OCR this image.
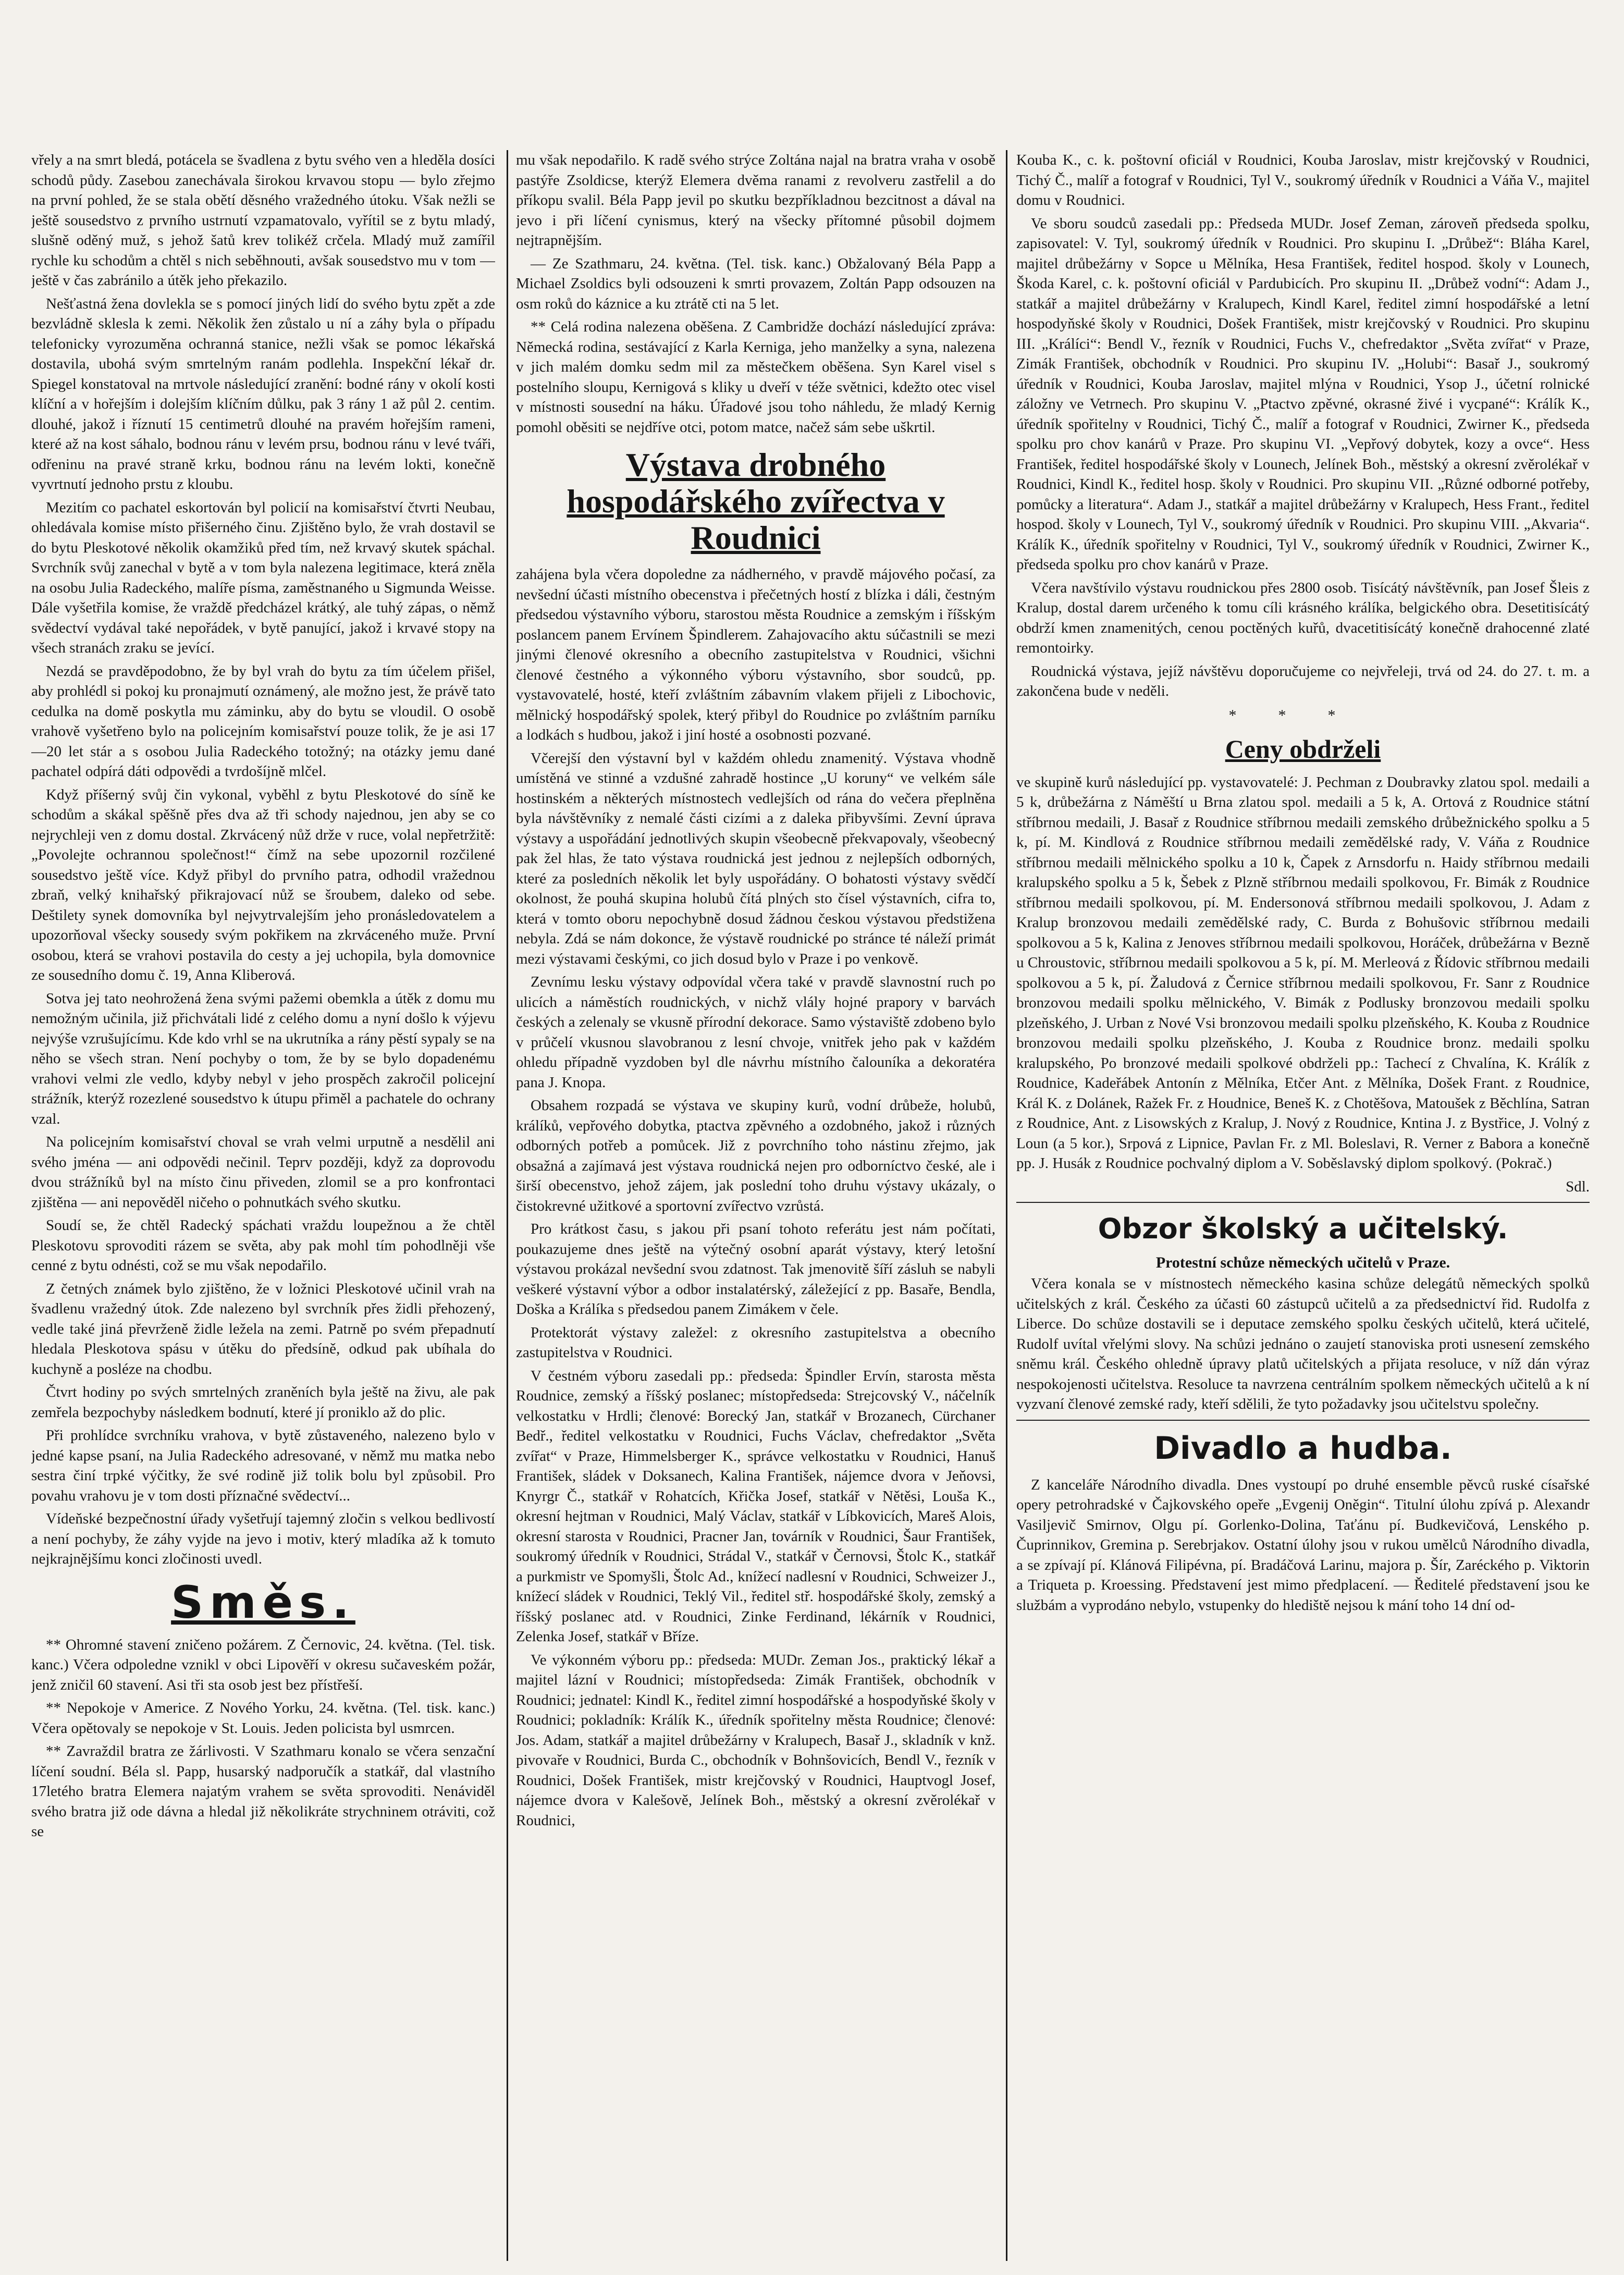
vřely a na smrt bledá, potácela se švadlena z bytu svého ven a hleděla dosíci schodů půdy. Zasebou zanechávala širokou krvavou stopu — bylo zřejmo na první pohled, že se stala obětí děsného vražedného útoku. Však nežli se ještě sousedstvo z prvního ustrnutí vzpamatovalo, vyřítil se z bytu mladý, slušně oděný muž, s jehož šatů krev tolikéž crčela. Mladý muž zamířil rychle ku schodům a chtěl s nich seběhnouti, avšak sousedstvo mu v tom — ještě v čas zabránilo a útěk jeho překazilo.

Nešťastná žena dovlekla se s pomocí jiných lidí do svého bytu zpět a zde bezvládně sklesla k zemi. Několik žen zůstalo u ní a záhy byla o případu telefonicky vyrozuměna ochranná stanice, nežli však se pomoc lékařská dostavila, ubohá svým smrtelným ranám podlehla. Inspekční lékař dr. Spiegel konstatoval na mrtvole následující zranění: bodné rány v okolí kosti klíční a v hořejším i dolejším klíčním důlku, pak 3 rány 1 až půl 2. centim. dlouhé, jakož i říznutí 15 centimetrů dlouhé na pravém hořejším rameni, které až na kost sáhalo, bodnou ránu v levém prsu, bodnou ránu v levé tváři, odřeninu na pravé straně krku, bodnou ránu na levém lokti, konečně vyvrtnutí jednoho prstu z kloubu.

Mezitím co pachatel eskortován byl policií na komisařství čtvrti Neubau, ohledávala komise místo přišerného činu. Zjištěno bylo, že vrah dostavil se do bytu Pleskotové několik okamžiků před tím, než krvavý skutek spáchal. Svrchník svůj zanechal v bytě a v tom byla nalezena legitimace, která zněla na osobu Julia Radeckého, malíře písma, zaměstnaného u Sigmunda Weisse. Dále vyšetřila komise, že vraždě předcházel krátký, ale tuhý zápas, o němž svědectví vydával také nepořádek, v bytě panující, jakož i krvavé stopy na všech stranách zraku se jevící.

Nezdá se pravděpodobno, že by byl vrah do bytu za tím účelem přišel, aby prohlédl si pokoj ku pronajmutí oznámený, ale možno jest, že právě tato cedulka na domě poskytla mu záminku, aby do bytu se vloudil. O osobě vrahově vyšetřeno bylo na policejním komisařství pouze tolik, že je asi 17—20 let stár a s osobou Julia Radeckého totožný; na otázky jemu dané pachatel odpírá dáti odpovědi a tvrdošíjně mlčel.

Když příšerný svůj čin vykonal, vyběhl z bytu Pleskotové do síně ke schodům a skákal spěšně přes dva až tři schody najednou, jen aby se co nejrychleji ven z domu dostal. Zkrvácený nůž drže v ruce, volal nepřetržitě: „Povolejte ochrannou společnost!“ čímž na sebe upozornil rozčilené sousedstvo ještě více. Když přibyl do prvního patra, odhodil vražednou zbraň, velký knihařský přikrajovací nůž se šroubem, daleko od sebe. Deštilety synek domovníka byl nejvytrvalejším jeho pronásledovatelem a upozorňoval všecky sousedy svým pokřikem na zkrváceného muže. První osobou, která se vrahovi postavila do cesty a jej uchopila, byla domovnice ze sousedního domu č. 19, Anna Kliberová.

Sotva jej tato neohrožená žena svými pažemi obemkla a útěk z domu mu nemožným učinila, již přichvátali lidé z celého domu a nyní došlo k výjevu nejvýše vzrušujícímu. Kde kdo vrhl se na ukrutníka a rány pěstí sypaly se na něho se všech stran. Není pochyby o tom, že by se bylo dopadenému vrahovi velmi zle vedlo, kdyby nebyl v jeho prospěch zakročil policejní strážník, kterýž rozezlené sousedstvo k útupu přiměl a pachatele do ochrany vzal.

Na policejním komisařství choval se vrah velmi urputně a nesdělil ani svého jména — ani odpovědi nečinil. Teprv později, když za doprovodu dvou strážníků byl na místo činu přiveden, zlomil se a pro konfrontaci zjištěna — ani nepověděl ničeho o pohnutkách svého skutku.

Soudí se, že chtěl Radecký spáchati vraždu loupežnou a že chtěl Pleskotovu sprovoditi rázem se světa, aby pak mohl tím pohodlněji vše cenné z bytu odnésti, což se mu však nepodařilo.

Z četných známek bylo zjištěno, že v ložnici Pleskotové učinil vrah na švadlenu vražedný útok. Zde nalezeno byl svrchník přes židli přehozený, vedle také jiná převrženě židle ležela na zemi. Patrně po svém přepadnutí hledala Pleskotova spásu v útěku do předsíně, odkud pak ubíhala do kuchyně a posléze na chodbu.

Čtvrt hodiny po svých smrtelných zraněních byla ještě na živu, ale pak zemřela bezpochyby následkem bodnutí, které jí proniklo až do plic.

Při prohlídce svrchníku vrahova, v bytě zůstaveného, nalezeno bylo v jedné kapse psaní, na Julia Radeckého adresované, v němž mu matka nebo sestra činí trpké výčitky, že své rodině již tolik bolu byl způsobil. Pro povahu vrahovu je v tom dosti příznačné svědectví...

Vídeňské bezpečnostní úřady vyšetřují tajemný zločin s velkou bedlivostí a není pochyby, že záhy vyjde na jevo i motiv, který mladíka až k tomuto nejkrajnějšímu konci zločinosti uvedl.

Směs.

** Ohromné stavení zničeno požárem. Z Černovic, 24. května. (Tel. tisk. kanc.) Včera odpoledne vznikl v obci Lipověří v okresu sučaveském požár, jenž zničil 60 stavení. Asi tři sta osob jest bez přístřeší.

** Nepokoje v Americe. Z Nového Yorku, 24. května. (Tel. tisk. kanc.) Včera opětovaly se nepokoje v St. Louis. Jeden policista byl usmrcen.

** Zavraždil bratra ze žárlivosti. V Szathmaru konalo se včera senzační líčení soudní. Béla sl. Papp, husarský nadporučík a statkář, dal vlastního 17letého bratra Elemera najatým vrahem se světa sprovoditi. Nenáviděl svého bratra již ode dávna a hledal již několikráte strychninem otráviti, což se

mu však nepodařilo. K radě svého strýce Zoltána najal na bratra vraha v osobě pastýře Zsoldicse, kterýž Elemera dvěma ranami z revolveru zastřelil a do příkopu svalil. Béla Papp jevil po skutku bezpříkladnou bezcitnost a dával na jevo i při líčení cynismus, který na všecky přítomné působil dojmem nejtrapnějším.

— Ze Szathmaru, 24. května. (Tel. tisk. kanc.) Obžalovaný Béla Papp a Michael Zsoldics byli odsouzeni k smrti provazem, Zoltán Papp odsouzen na osm roků do káznice a ku ztrátě cti na 5 let.

** Celá rodina nalezena oběšena. Z Cambridže dochází následující zpráva: Německá rodina, sestávající z Karla Kerniga, jeho manželky a syna, nalezena v jich malém domku sedm mil za městečkem oběšena. Syn Karel visel s postelního sloupu, Kernigová s kliky u dveří v téže světnici, kdežto otec visel v místnosti sousední na háku. Úřadové jsou toho náhledu, že mladý Kernig pomohl oběsiti se nejdříve otci, potom matce, načež sám sebe uškrtil.

Výstava drobného hospodářského zvířectva v Roudnici

zahájena byla včera dopoledne za nádherného, v pravdě májového počasí, za nevšední účasti místního obecenstva i přečetných hostí z blízka i dáli, čestným předsedou výstavního výboru, starostou města Roudnice a zemským i říšským poslancem panem Ervínem Špindlerem. Zahajovacího aktu súčastnili se mezi jinými členové okresního a obecního zastupitelstva v Roudnici, všichni členové čestného a výkonného výboru výstavního, sbor soudců, pp. vystavovatelé, hosté, kteří zvláštním zábavním vlakem přijeli z Libochovic, mělnický hospodářský spolek, který přibyl do Roudnice po zvláštním parníku a lodkách s hudbou, jakož i jiní hosté a osobnosti pozvané.

Včerejší den výstavní byl v každém ohledu znamenitý. Výstava vhodně umístěná ve stinné a vzdušné zahradě hostince „U koruny“ ve velkém sále hostinském a některých místnostech vedlejších od rána do večera přeplněna byla návštěvníky z nemalé části cizími a z daleka přibyvšími. Zevní úprava výstavy a uspořádání jednotlivých skupin všeobecně překvapovaly, všeobecný pak žel hlas, že tato výstava roudnická jest jednou z nejlepších odborných, které za posledních několik let byly uspořádány. O bohatosti výstavy svědčí okolnost, že pouhá skupina holubů čítá plných sto čísel výstavních, cifra to, která v tomto oboru nepochybně dosud žádnou českou výstavou předstižena nebyla. Zdá se nám dokonce, že výstavě roudnické po stránce té náleží primát mezi výstavami českými, co jich dosud bylo v Praze i po venkově.

Zevnímu lesku výstavy odpovídal včera také v pravdě slavnostní ruch po ulicích a náměstích roudnických, v nichž vlály hojné prapory v barvách českých a zelenaly se vkusně přírodní dekorace. Samo výstaviště zdobeno bylo v průčelí vkusnou slavobranou z lesní chvoje, vnitřek jeho pak v každém ohledu případně vyzdoben byl dle návrhu místního čalouníka a dekoratéra pana J. Knopa.

Obsahem rozpadá se výstava ve skupiny kurů, vodní drůbeže, holubů, králíků, vepřového dobytka, ptactva zpěvného a ozdobného, jakož i různých odborných potřeb a pomůcek. Již z povrchního toho nástinu zřejmo, jak obsažná a zajímavá jest výstava roudnická nejen pro odborníctvo české, ale i širší obecenstvo, jehož zájem, jak poslední toho druhu výstavy ukázaly, o čistokrevné užitkové a sportovní zvířectvo vzrůstá.

Pro krátkost času, s jakou při psaní tohoto referátu jest nám počítati, poukazujeme dnes ještě na výtečný osobní aparát výstavy, který letošní výstavou prokázal nevšední svou zdatnost. Tak jmenovitě šíří zásluh se nabyli veškeré výstavní výbor a odbor instalatérský, záležející z pp. Basaře, Bendla, Doška a Králíka s předsedou panem Zimákem v čele.

Protektorát výstavy zaležel: z okresního zastupitelstva a obecního zastupitelstva v Roudnici.

V čestném výboru zasedali pp.: předseda: Špindler Ervín, starosta města Roudnice, zemský a říšský poslanec; místopředseda: Strejcovský V., náčelník velkostatku v Hrdli; členové: Borecký Jan, statkář v Brozanech, Cürchaner Bedř., ředitel velkostatku v Roudnici, Fuchs Václav, chefredaktor „Světa zvířat“ v Praze, Himmelsberger K., správce velkostatku v Roudnici, Hanuš František, sládek v Doksanech, Kalina František, nájemce dvora v Jeňovsi, Knyrgr Č., statkář v Rohatcích, Křička Josef, statkář v Nětěsi, Louša K., okresní hejtman v Roudnici, Malý Václav, statkář v Líbkovicích, Mareš Alois, okresní starosta v Roudnici, Pracner Jan, továrník v Roudnici, Šaur František, soukromý úředník v Roudnici, Strádal V., statkář v Černovsi, Štolc K., statkář a purkmistr ve Spomyšli, Štolc Ad., knížecí nadlesní v Roudnici, Schweizer J., knížecí sládek v Roudnici, Teklý Vil., ředitel stř. hospodářské školy, zemský a říšský poslanec atd. v Roudnici, Zinke Ferdinand, lékárník v Roudnici, Zelenka Josef, statkář v Bříze.

Ve výkonném výboru pp.: předseda: MUDr. Zeman Jos., praktický lékař a majitel lázní v Roudnici; místopředseda: Zimák František, obchodník v Roudnici; jednatel: Kindl K., ředitel zimní hospodářské a hospodyňské školy v Roudnici; pokladník: Králík K., úředník spořitelny města Roudnice; členové: Jos. Adam, statkář a majitel drůbežárny v Kralupech, Basař J., skladník v knž. pivovaře v Roudnici, Burda C., obchodník v Bohnšovicích, Bendl V., řezník v Roudnici, Došek František, mistr krejčovský v Roudnici, Hauptvogl Josef, nájemce dvora v Kalešově, Jelínek Boh., městský a okresní zvěrolékař v Roudnici,

Kouba K., c. k. poštovní oficiál v Roudnici, Kouba Jaroslav, mistr krejčovský v Roudnici, Tichý Č., malíř a fotograf v Roudnici, Tyl V., soukromý úředník v Roudnici a Váňa V., majitel domu v Roudnici.

Ve sboru soudců zasedali pp.: Předseda MUDr. Josef Zeman, zároveň předseda spolku, zapisovatel: V. Tyl, soukromý úředník v Roudnici. Pro skupinu I. „Drůbež“: Bláha Karel, majitel drůbežárny v Sopce u Mělníka, Hesa František, ředitel hospod. školy v Lounech, Škoda Karel, c. k. poštovní oficiál v Pardubicích. Pro skupinu II. „Drůbež vodní“: Adam J., statkář a majitel drůbežárny v Kralupech, Kindl Karel, ředitel zimní hospodářské a letní hospodyňské školy v Roudnici, Došek František, mistr krejčovský v Roudnici. Pro skupinu III. „Králíci“: Bendl V., řezník v Roudnici, Fuchs V., chefredaktor „Světa zvířat“ v Praze, Zimák František, obchodník v Roudnici. Pro skupinu IV. „Holubi“: Basař J., soukromý úředník v Roudnici, Kouba Jaroslav, majitel mlýna v Roudnici, Ysop J., účetní rolnické záložny ve Vetrnech. Pro skupinu V. „Ptactvo zpěvné, okrasné živé i vycpané“: Králík K., úředník spořitelny v Roudnici, Tichý Č., malíř a fotograf v Roudnici, Zwirner K., předseda spolku pro chov kanárů v Praze. Pro skupinu VI. „Vepřový dobytek, kozy a ovce“. Hess František, ředitel hospodářské školy v Lounech, Jelínek Boh., městský a okresní zvěrolékař v Roudnici, Kindl K., ředitel hosp. školy v Roudnici. Pro skupinu VII. „Různé odborné potřeby, pomůcky a literatura“. Adam J., statkář a majitel drůbežárny v Kralupech, Hess Frant., ředitel hospod. školy v Lounech, Tyl V., soukromý úředník v Roudnici. Pro skupinu VIII. „Akvaria“. Králík K., úředník spořitelny v Roudnici, Tyl V., soukromý úředník v Roudnici, Zwirner K., předseda spolku pro chov kanárů v Praze.

Včera navštívilo výstavu roudnickou přes 2800 osob. Tisícátý návštěvník, pan Josef Šleis z Kralup, dostal darem určeného k tomu cíli krásného králíka, belgického obra. Desetitisícátý obdrží kmen znamenitých, cenou poctěných kuřů, dvacetitisícátý konečně drahocenné zlaté remontoirky.

Roudnická výstava, jejíž návštěvu doporučujeme co nejvřeleji, trvá od 24. do 27. t. m. a zakončena bude v neděli.

***
Ceny obdrželi

ve skupině kurů následující pp. vystavovatelé: J. Pechman z Doubravky zlatou spol. medaili a 5 k, drůbežárna z Náměští u Brna zlatou spol. medaili a 5 k, A. Ortová z Roudnice státní stříbrnou medaili, J. Basař z Roudnice stříbrnou medaili zemského drůbežnického spolku a 5 k, pí. M. Kindlová z Roudnice stříbrnou medaili zemědělské rady, V. Váňa z Roudnice stříbrnou medaili mělnického spolku a 10 k, Čapek z Arnsdorfu n. Haidy stříbrnou medaili kralupského spolku a 5 k, Šebek z Plzně stříbrnou medaili spolkovou, Fr. Bimák z Roudnice stříbrnou medaili spolkovou, pí. M. Endersonová stříbrnou medaili spolkovou, J. Adam z Kralup bronzovou medaili zemědělské rady, C. Burda z Bohušovic stříbrnou medaili spolkovou a 5 k, Kalina z Jenoves stříbrnou medaili spolkovou, Horáček, drůbežárna v Bezně u Chroustovic, stříbrnou medaili spolkovou a 5 k, pí. M. Merleová z Řídovic stříbrnou medaili spolkovou a 5 k, pí. Žaludová z Černice stříbrnou medaili spolkovou, Fr. Sanr z Roudnice bronzovou medaili spolku mělnického, V. Bimák z Podlusky bronzovou medaili spolku plzeňského, J. Urban z Nové Vsi bronzovou medaili spolku plzeňského, K. Kouba z Roudnice bronzovou medaili spolku plzeňského, J. Kouba z Roudnice bronz. medaili spolku kralupského, Po bronzové medaili spolkové obdrželi pp.: Tachecí z Chvalína, K. Králík z Roudnice, Kadeřábek Antonín z Mělníka, Etčer Ant. z Mělníka, Došek Frant. z Roudnice, Král K. z Dolánek, Ražek Fr. z Houdnice, Beneš K. z Chotěšova, Matoušek z Běchlína, Satran z Roudnice, Ant. z Lisowských z Kralup, J. Nový z Roudnice, Kntina J. z Bystřice, J. Volný z Loun (a 5 kor.), Srpová z Lipnice, Pavlan Fr. z Ml. Boleslavi, R. Verner z Babora a konečně pp. J. Husák z Roudnice pochvalný diplom a V. Soběslavský diplom spolkový. (Pokrač.)

Sdl.

Obzor školský a učitelský.
Protestní schůze německých učitelů v Praze.

Včera konala se v místnostech německého kasina schůze delegátů německých spolků učitelských z král. Českého za účasti 60 zástupců učitelů a za předsednictví řid. Rudolfa z Liberce. Do schůze dostavili se i deputace zemského spolku českých učitelů, která učitelé, Rudolf uvítal vřelými slovy. Na schůzi jednáno o zaujetí stanoviska proti usnesení zemského sněmu král. Českého ohledně úpravy platů učitelských a přijata resoluce, v níž dán výraz nespokojenosti učitelstva. Resoluce ta navrzena centrálním spolkem německých učitelů a k ní vyzvaní členové zemské rady, kteří sdělili, že tyto požadavky jsou učitelstvu společny.

Divadlo a hudba.

Z kanceláře Národního divadla. Dnes vystoupí po druhé ensemble pěvců ruské císařské opery petrohradské v Čajkovského opeře „Evgenij Oněgin“. Titulní úlohu zpívá p. Alexandr Vasiljevič Smirnov, Olgu pí. Gorlenko-Dolina, Taťánu pí. Budkevičová, Lenského p. Čuprinnikov, Gremina p. Serebrjakov. Ostatní úlohy jsou v rukou umělců Národního divadla, a se zpívají pí. Klánová Filipévna, pí. Bradáčová Larinu, majora p. Šír, Zaréckého p. Viktorin a Triqueta p. Kroessing. Představení jest mimo předplacení. — Ředitelé představení jsou ke službám a vyprodáno nebylo, vstupenky do hlediště nejsou k mání toho 14 dní od-
